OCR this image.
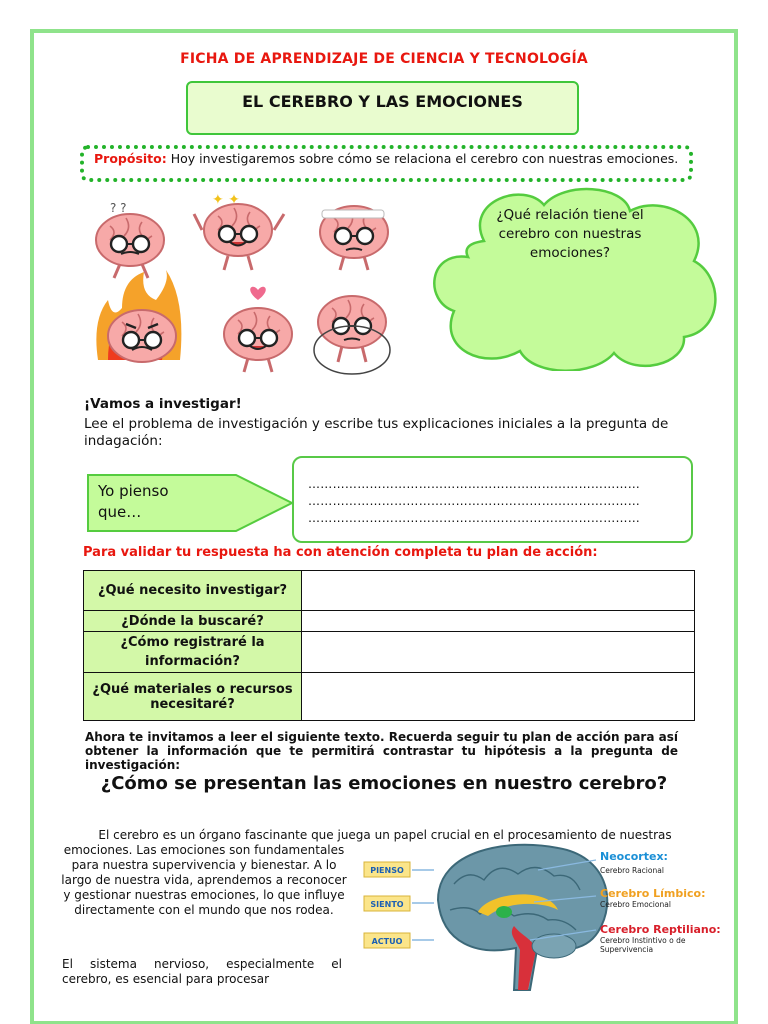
FICHA DE APRENDIZAJE DE CIENCIA Y TECNOLOGÍA
EL CEREBRO Y LAS EMOCIONES
Propósito: Hoy investigaremos sobre cómo se relaciona el cerebro con nuestras emociones.
? ?	✦ ✦
¿Qué relación tiene el cerebro con nuestras emociones?
¡Vamos a investigar!
Lee el problema de investigación y escribe tus explicaciones iniciales a la pregunta de indagación:
Yo pienso que…
………………………………………………………………………
………………………………………………………………………
………………………………………………………………………
Para validar tu respuesta ha con atención completa tu plan de acción:
¿Qué necesito investigar?	
¿Dónde la buscaré?	
¿Cómo registraré la información?	
¿Qué materiales o recursos necesitaré?	
Ahora te invitamos a leer el siguiente texto. Recuerda seguir tu plan de acción para así obtener la información que te permitirá contrastar tu hipótesis a la pregunta de investigación:
¿Cómo se presentan las emociones en nuestro cerebro?
El cerebro es un órgano fascinante que juega un papel crucial en el procesamiento de nuestras
emociones. Las emociones son fundamentales para nuestra supervivencia y bienestar. A lo largo de nuestra vida, aprendemos a reconocer y gestionar nuestras emociones, lo que influye directamente con el mundo que nos rodea.
El sistema nervioso, especialmente el cerebro, es esencial para procesar
PIENSO
SIENTO
ACTUO
Neocortex:
Cerebro Racional
Cerebro Límbico:
Cerebro Emocional
Cerebro Reptiliano:
Cerebro Instintivo o de Supervivencia
